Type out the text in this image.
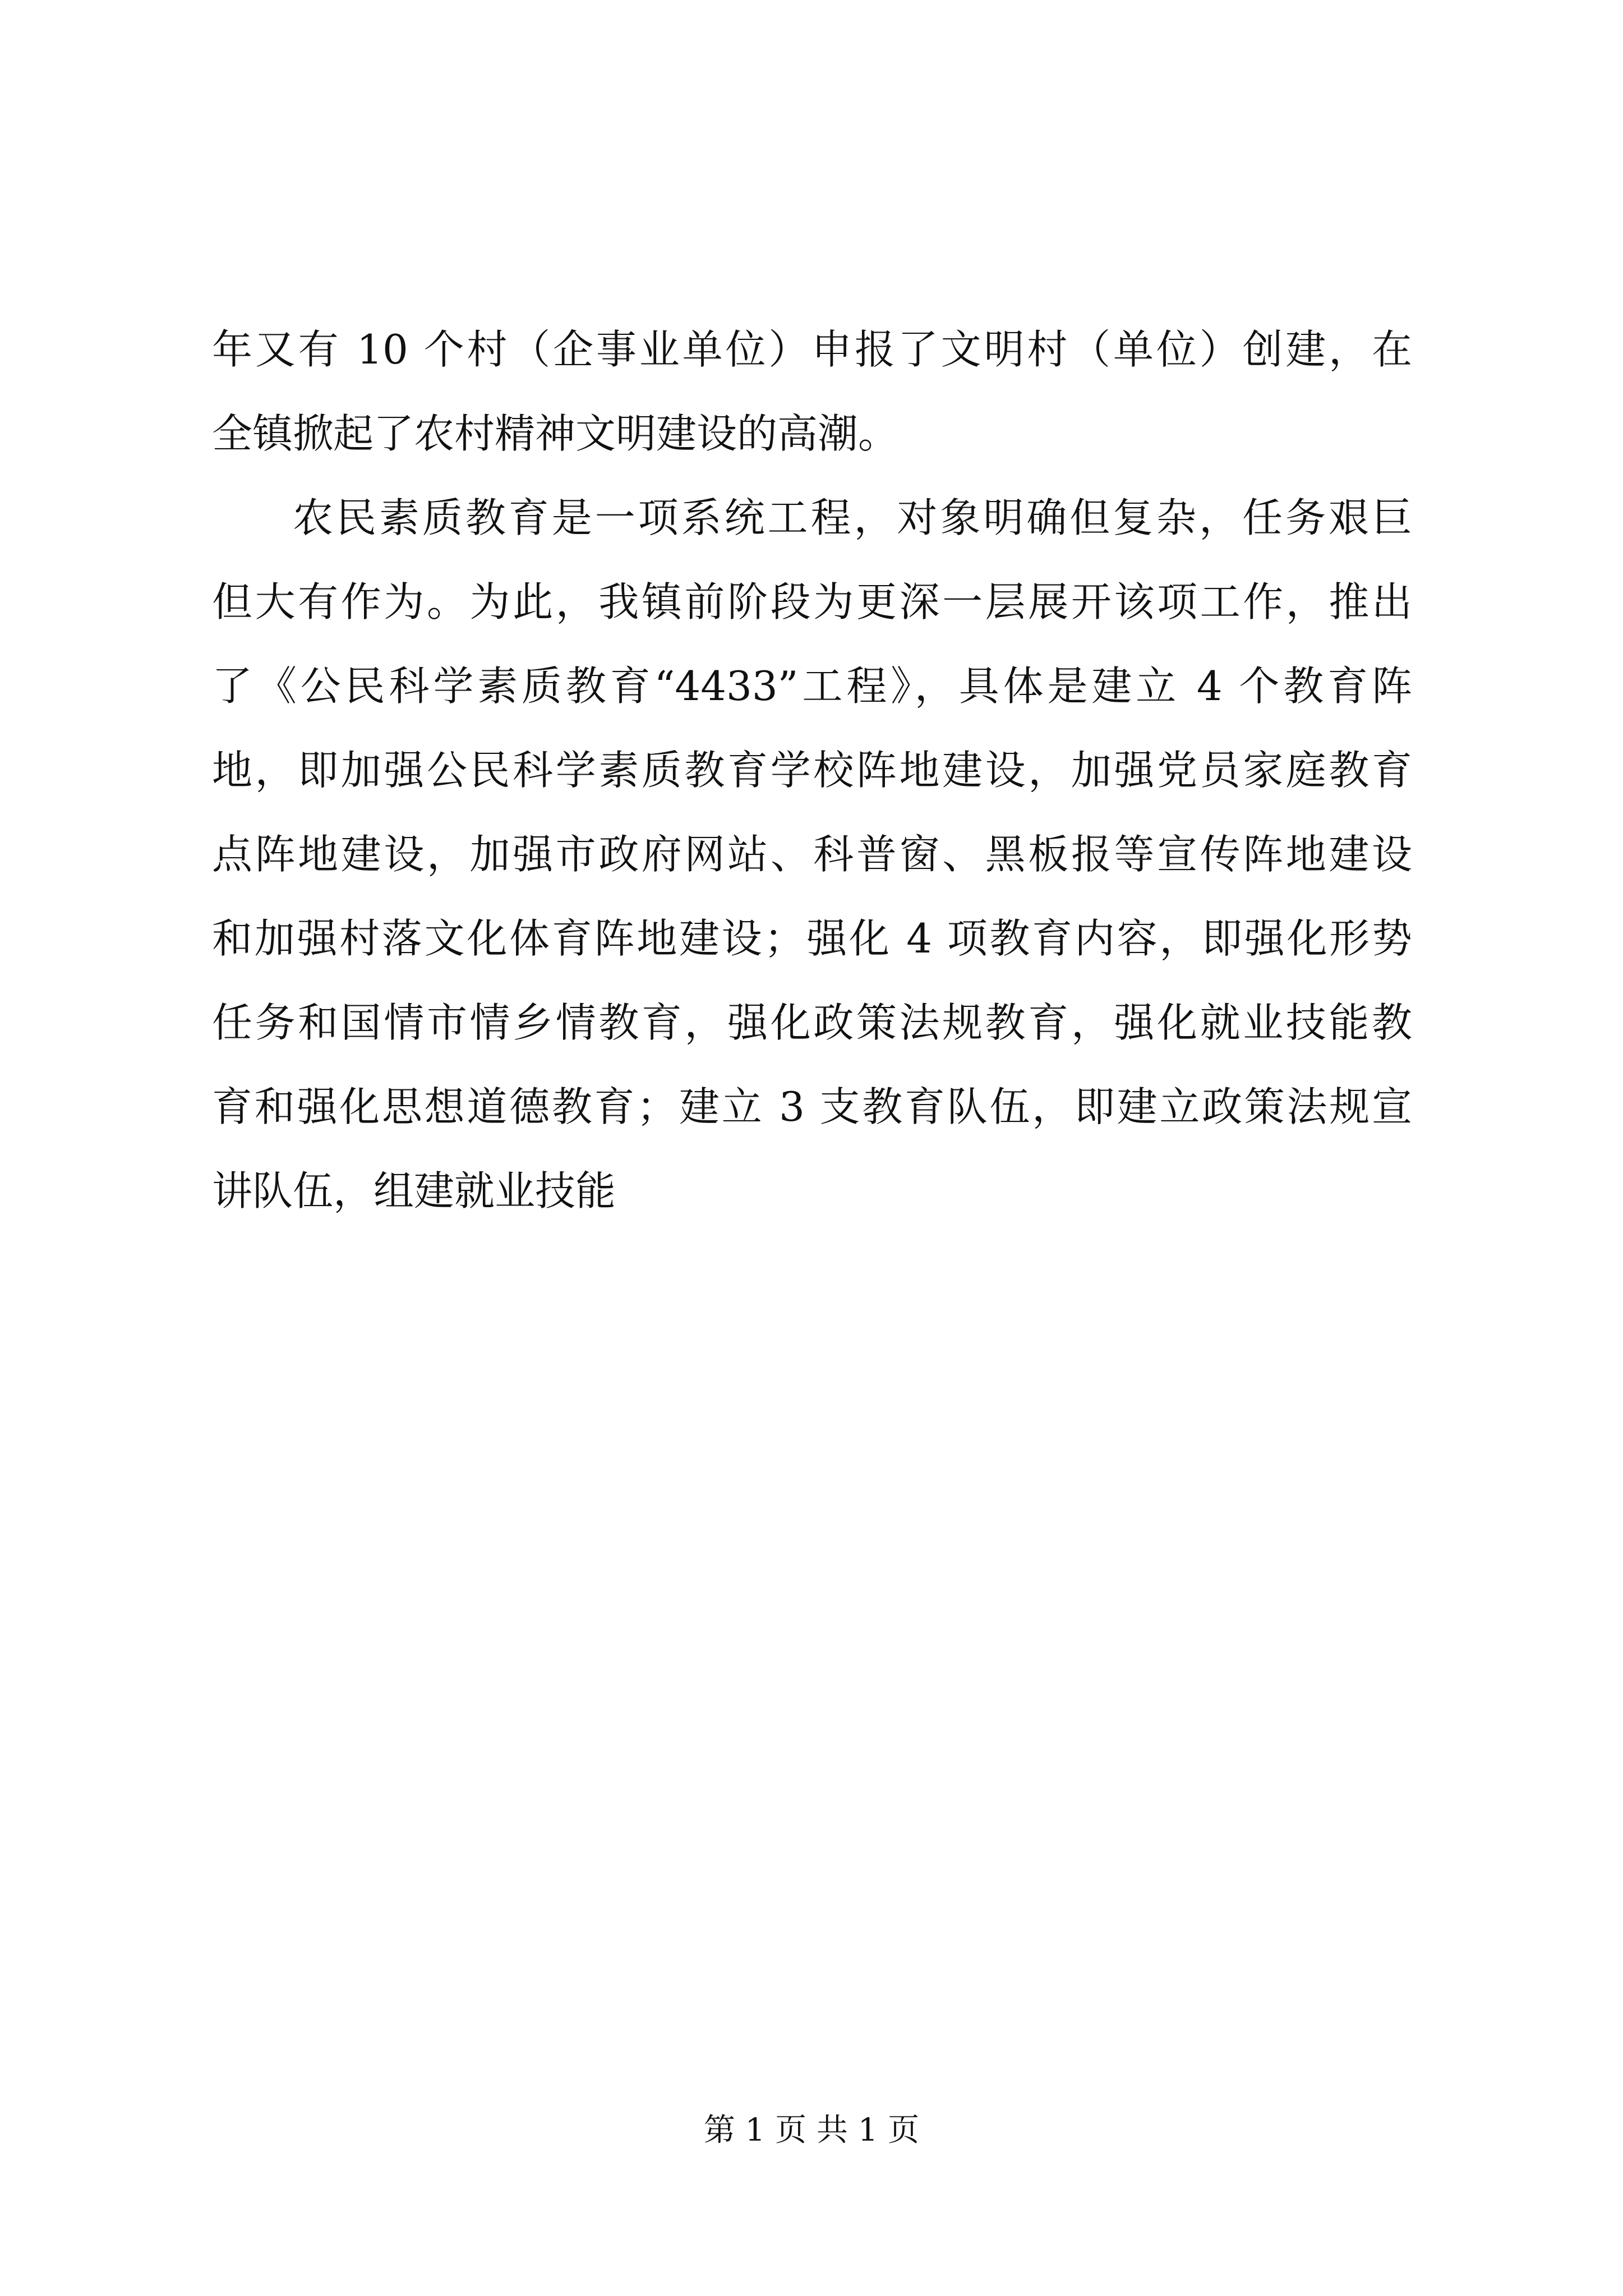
年又有 10 个村（企事业单位）申报了文明村（单位）创建，在
全镇掀起了农村精神文明建设的高潮。
农民素质教育是一项系统工程，对象明确但复杂，任务艰巨
但大有作为。为此，我镇前阶段为更深一层展开该项工作，推出
了《公民科学素质教育“4433”工程》，具体是建立 4 个教育阵
地，即加强公民科学素质教育学校阵地建设，加强党员家庭教育
点阵地建设，加强市政府网站、科普窗、黑板报等宣传阵地建设
和加强村落文化体育阵地建设；强化 4 项教育内容，即强化形势
任务和国情市情乡情教育，强化政策法规教育，强化就业技能教
育和强化思想道德教育；建立 3 支教育队伍，即建立政策法规宣
讲队伍，组建就业技能
第 1 页 共 1 页
